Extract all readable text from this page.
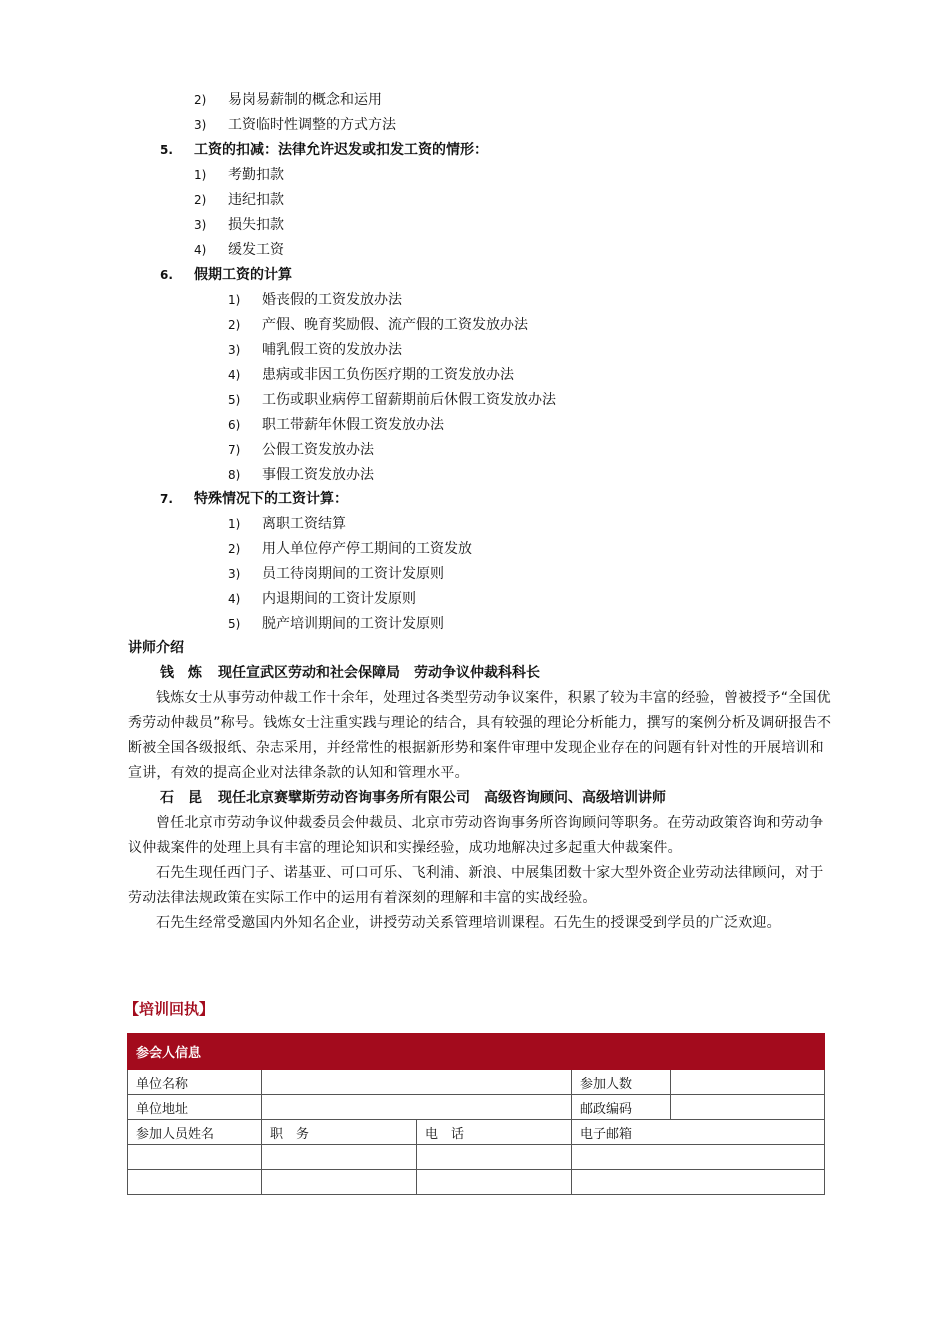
2) 易岗易薪制的概念和运用
3) 工资临时性调整的方式方法
5. 工资的扣减：法律允许迟发或扣发工资的情形：
1) 考勤扣款
2) 违纪扣款
3) 损失扣款
4) 缓发工资
6. 假期工资的计算
1) 婚丧假的工资发放办法
2) 产假、晚育奖励假、流产假的工资发放办法
3) 哺乳假工资的发放办法
4) 患病或非因工负伤医疗期的工资发放办法
5) 工伤或职业病停工留薪期前后休假工资发放办法
6) 职工带薪年休假工资发放办法
7) 公假工资发放办法
8) 事假工资发放办法
7. 特殊情况下的工资计算：
1) 离职工资结算
2) 用人单位停产停工期间的工资发放
3) 员工待岗期间的工资计发原则
4) 内退期间的工资计发原则
5) 脱产培训期间的工资计发原则
讲师介绍
钱　炼 现任宣武区劳动和社会保障局　劳动争议仲裁科科长
钱炼女士从事劳动仲裁工作十余年，处理过各类型劳动争议案件，积累了较为丰富的经验，曾被授予“全国优秀劳动仲裁员”称号。钱炼女士注重实践与理论的结合，具有较强的理论分析能力，撰写的案例分析及调研报告不断被全国各级报纸、杂志采用，并经常性的根据新形势和案件审理中发现企业存在的问题有针对性的开展培训和宣讲，有效的提高企业对法律条款的认知和管理水平。
石　昆 现任北京赛擘斯劳动咨询事务所有限公司　高级咨询顾问、高级培训讲师
曾任北京市劳动争议仲裁委员会仲裁员、北京市劳动咨询事务所咨询顾问等职务。在劳动政策咨询和劳动争议仲裁案件的处理上具有丰富的理论知识和实操经验，成功地解决过多起重大仲裁案件。
石先生现任西门子、诺基亚、可口可乐、飞利浦、新浪、中展集团数十家大型外资企业劳动法律顾问，对于劳动法律法规政策在实际工作中的运用有着深刻的理解和丰富的实战经验。
石先生经常受邀国内外知名企业，讲授劳动关系管理培训课程。石先生的授课受到学员的广泛欢迎。
【培训回执】
参会人信息				
单位名称			参加人数	
单位地址			邮政编码	
参加人员姓名	职　务	电　话	电子邮箱	
